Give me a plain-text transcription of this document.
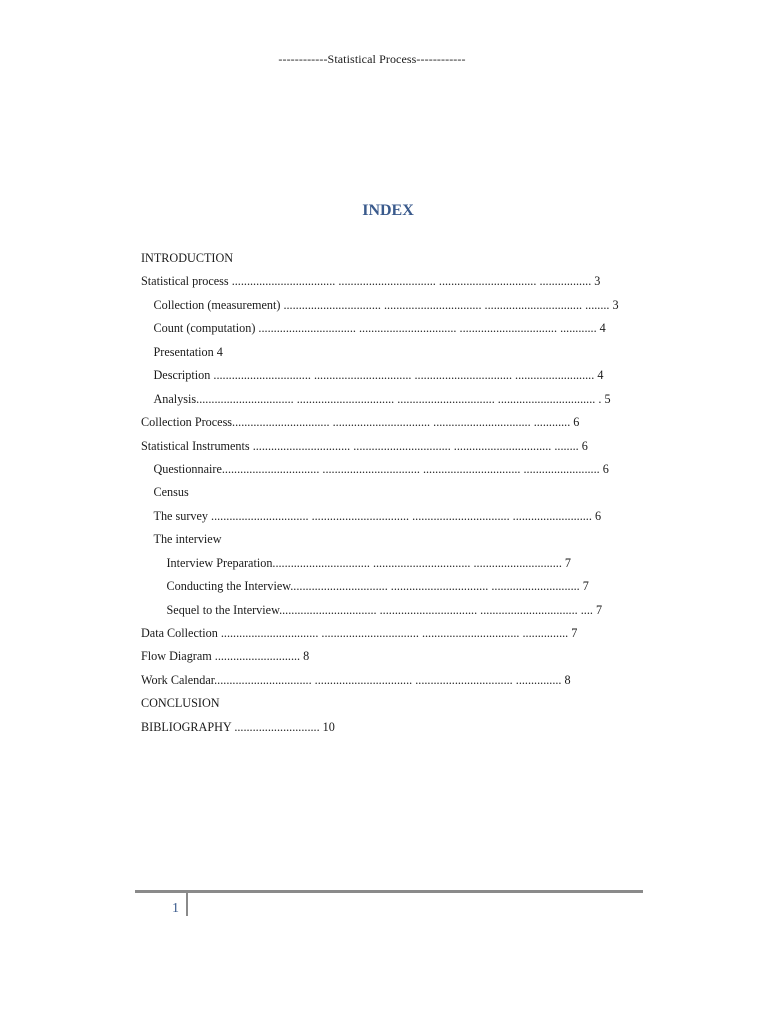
------------Statistical Process------------
INDEX
INTRODUCTION
Statistical process .................................. ................................ ................................ ................. 3
Collection (measurement) ................................ ................................ ................................ ........ 3
Count (computation) ................................ ................................ ................................ ............ 4
Presentation 4
Description ................................ ................................ ................................ .......................... 4
Analysis................................ ................................ ................................ ................................ . 5
Collection Process................................ ................................ ................................ ............ 6
Statistical Instruments ................................ ................................ ................................ ........ 6
Questionnaire................................ ................................ ................................ ......................... 6
Census
The survey ................................ ................................ ................................ .......................... 6
The interview
Interview Preparation................................ ................................ ............................. 7
Conducting the Interview................................ ................................ ............................. 7
Sequel to the Interview................................ ................................ ................................ .... 7
Data Collection ................................ ................................ ................................ ............... 7
Flow Diagram ............................ 8
Work Calendar................................ ................................ ................................ ............... 8
CONCLUSION
BIBLIOGRAPHY ............................ 10
1
